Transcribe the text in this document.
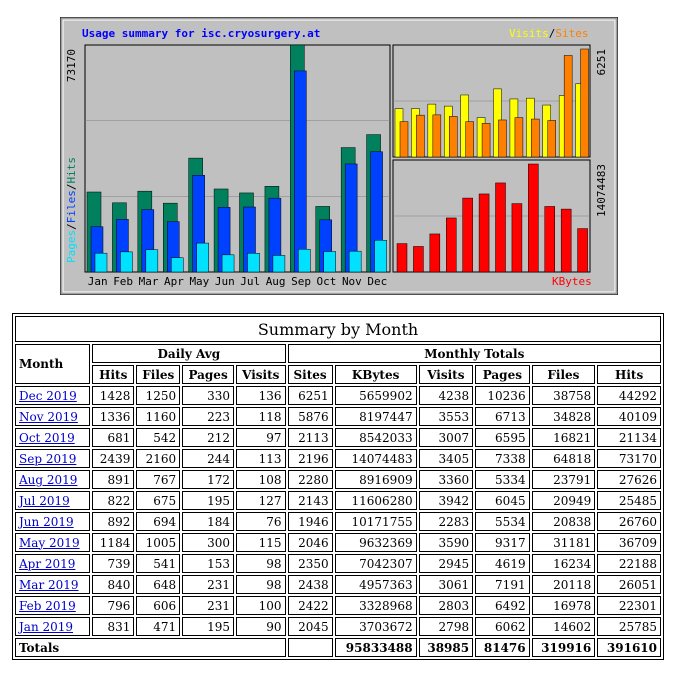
Usage summary for isc.cryosurgery.at
Jan Feb Mar Apr May Jun Jul Aug Sep Oct Nov Dec
73170
Pages/Files/Hits
Visits/Sites
6251
KBytes
14074483
Summary by Month										
Month	Daily Avg				Monthly Totals					
	Hits	Files	Pages	Visits	Sites	KBytes	Visits	Pages	Files	Hits
Dec 2019	1428	1250	330	136	6251	5659902	4238	10236	38758	44292
Nov 2019	1336	1160	223	118	5876	8197447	3553	6713	34828	40109
Oct 2019	681	542	212	97	2113	8542033	3007	6595	16821	21134
Sep 2019	2439	2160	244	113	2196	14074483	3405	7338	64818	73170
Aug 2019	891	767	172	108	2280	8916909	3360	5334	23791	27626
Jul 2019	822	675	195	127	2143	11606280	3942	6045	20949	25485
Jun 2019	892	694	184	76	1946	10171755	2283	5534	20838	26760
May 2019	1184	1005	300	115	2046	9632369	3590	9317	31181	36709
Apr 2019	739	541	153	98	2350	7042307	2945	4619	16234	22188
Mar 2019	840	648	231	98	2438	4957363	3061	7191	20118	26051
Feb 2019	796	606	231	100	2422	3328968	2803	6492	16978	22301
Jan 2019	831	471	195	90	2045	3703672	2798	6062	14602	25785
Totals						95833488	38985	81476	319916	391610
